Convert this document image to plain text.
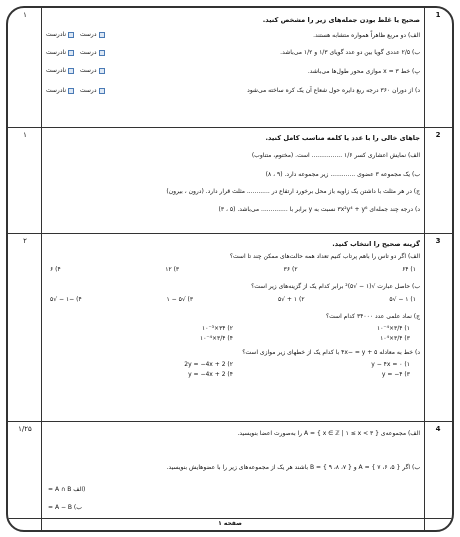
1
۱
صحیح یا غلط بودن جمله‌های زیر را مشخص کنید.
الف) دو مربع ظاهراً همواره متشابه هستند.
درست
نادرست
ب) ۲/۵ عددی گویا بین دو عدد گویای ۱/۳ و ۱/۲ می‌باشد.
درست
نادرست
پ) خط ۳ = x موازی محور طول‌ها می‌باشد.
درست
نادرست
د) از دوران ۳۶۰ درجه ربع دایره حول شعاع آن یک کره ساخته می‌شود
درست
نادرست
2
۱	جاهای خالی را با عدد یا کلمه مناسب کامل کنید.
الف) نمایش اعشاری کسر ۱/۶ ................ است. (مختوم، متناوب)
ب) یک مجموعه ۳ عضوی ............. زیر مجموعه دارد. (۹ ، ۸)
ج) در هر مثلث با داشتن یک زاویه باز محل برخورد ارتفاع در ............ مثلث قرار دارد. (درون ، بیرون)
د) درجه چند جمله‌ای ۳x²y⁴ + y⁶ نسبت به y برابر با .............. می‌باشد. (۵ ، ۳)
3
۲	گزینه صحیح را انتخاب کنید.
الف) اگر دو تاس را باهم پرتاب کنیم تعداد همه حالت‌های ممکن چند تا است؟
۱) ۶۴
۲) ۳۶
۳) ۱۲
۴) ۶
ب) حاصل عبارت √(۱ − √۵)² برابر کدام یک از گزینه‌های زیر است؟
۱) ۱ − √۵
۲) ۱ + √۵
۳) √۵ − ۱
۴) −۱ − √۵
ج) نماد علمی عدد ۳۴۰۰۰ کدام است؟
۱) ۳/۴×۱۰⁻⁴
۲) ۳۴×۱۰⁻³
۳) ۳/۴×۱۰⁴
۴) ۳/۴×۱۰⁻⁴
د) خط به معادله ۵ + ۴x− = y با کدام یک از خطهای زیر موازی است؟
۱) y − ۴x = ۰
۲) 2y = −4x + 2
۳) y = −۴
۴) y = −4x + 2
4
۱/۲۵
الف) مجموعه‌ی { x ∈ ℤ | ۱ ≤ x < ۳ } = A را به‌صورت اعضا بنویسید.
ب) اگر { ۵، ۶، ۷ } = A و { ۷، ۸، ۹ } = B باشند هر یک از مجموعه‌های زیر را با عضوهایش بنویسید.
(الف A ∩ B =
ب) A − B =
صفحه ۱
